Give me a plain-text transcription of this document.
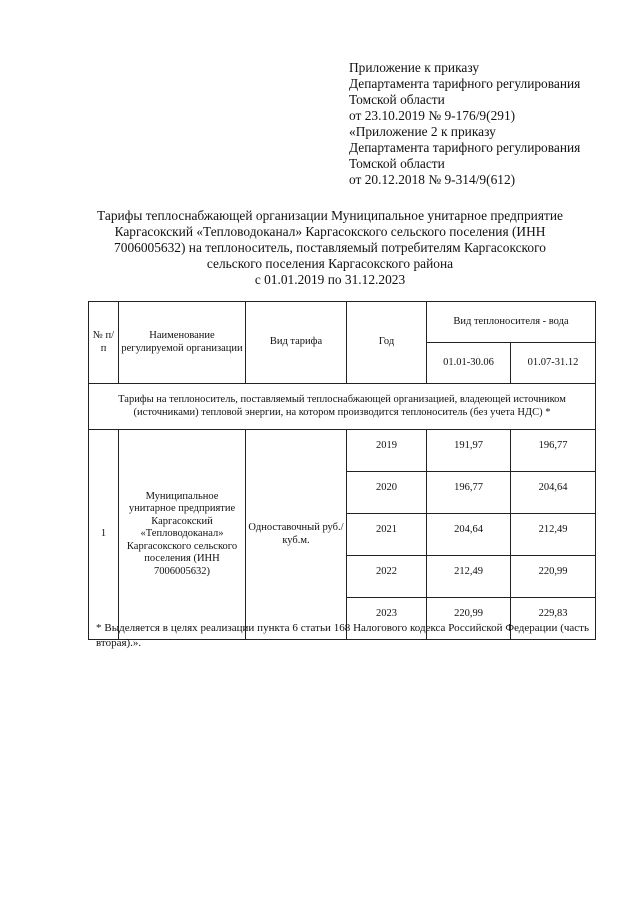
Приложение к приказу
Департамента тарифного регулирования
Томской области
от 23.10.2019 № 9-176/9(291)
«Приложение 2 к приказу
Департамента тарифного регулирования
Томской области
от 20.12.2018 № 9-314/9(612)
Тарифы теплоснабжающей организации Муниципальное унитарное предприятие
Каргасокский «Тепловодоканал» Каргасокского сельского поселения (ИНН
7006005632) на теплоноситель, поставляемый потребителям Каргасокского
сельского поселения Каргасокского района
с 01.01.2019 по 31.12.2023
№ п/п	Наименование регулируемой организации	Вид тарифа	Год	Вид теплоносителя - вода	
				01.01-30.06	01.07-31.12
Тарифы на теплоноситель, поставляемый теплоснабжающей организацией, владеющей источником (источниками) тепловой энергии, на котором производится теплоноситель (без учета НДС) *					
1	Муниципальное унитарное предприятие Каргасокский «Тепловодоканал» Каргасокского сельского поселения (ИНН 7006005632)	Одноставочный руб./куб.м.	2019	191,97	196,77
			2020	196,77	204,64
			2021	204,64	212,49
			2022	212,49	220,99
			2023	220,99	229,83
* Выделяется в целях реализации пункта 6 статьи 168 Налогового кодекса Российской Федерации (часть вторая).».
